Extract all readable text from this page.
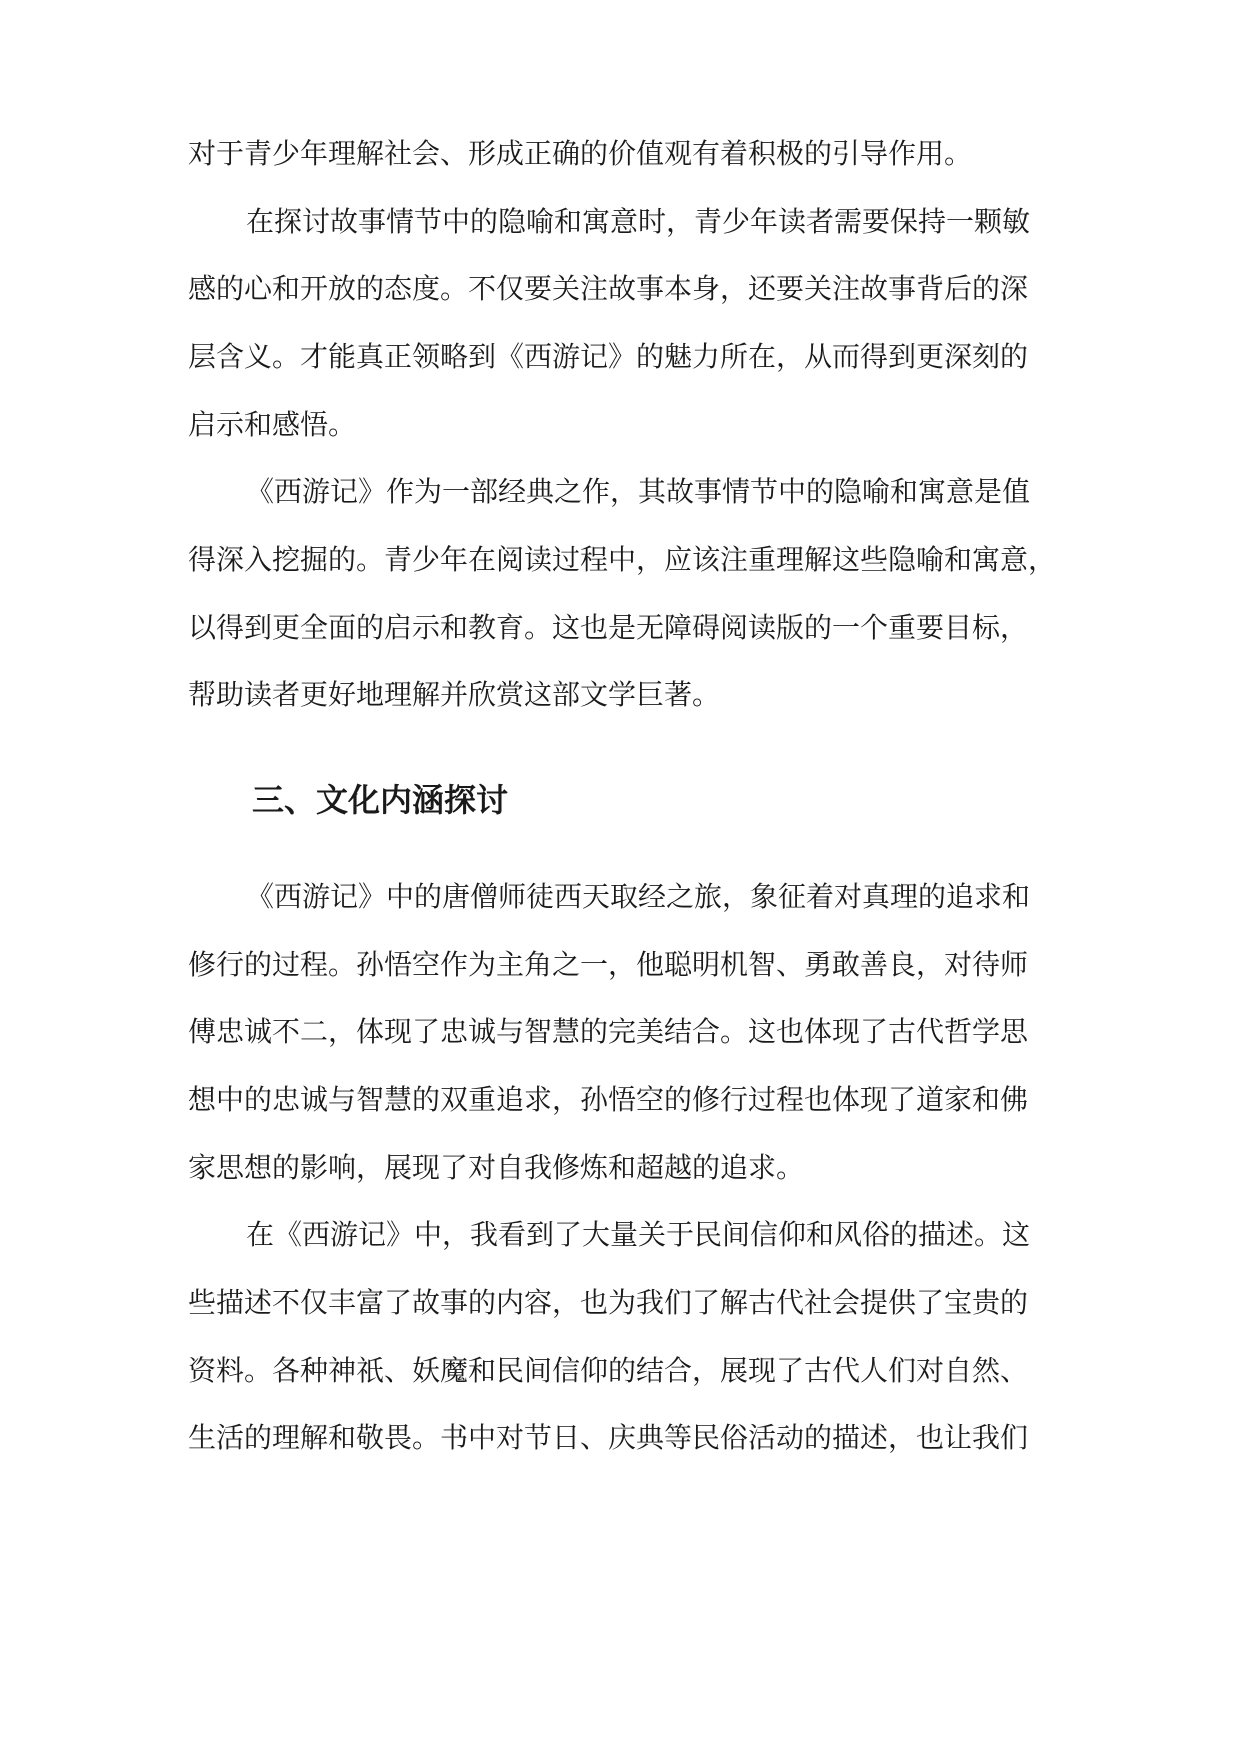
对于青少年理解社会、形成正确的价值观有着积极的引导作用。
在探讨故事情节中的隐喻和寓意时，青少年读者需要保持一颗敏
感的心和开放的态度。不仅要关注故事本身，还要关注故事背后的深
层含义。才能真正领略到《西游记》的魅力所在，从而得到更深刻的
启示和感悟。
《西游记》作为一部经典之作，其故事情节中的隐喻和寓意是值
得深入挖掘的。青少年在阅读过程中，应该注重理解这些隐喻和寓意，
以得到更全面的启示和教育。这也是无障碍阅读版的一个重要目标，
帮助读者更好地理解并欣赏这部文学巨著。
三、文化内涵探讨
《西游记》中的唐僧师徒西天取经之旅，象征着对真理的追求和
修行的过程。孙悟空作为主角之一，他聪明机智、勇敢善良，对待师
傅忠诚不二，体现了忠诚与智慧的完美结合。这也体现了古代哲学思
想中的忠诚与智慧的双重追求，孙悟空的修行过程也体现了道家和佛
家思想的影响，展现了对自我修炼和超越的追求。
在《西游记》中，我看到了大量关于民间信仰和风俗的描述。这
些描述不仅丰富了故事的内容，也为我们了解古代社会提供了宝贵的
资料。各种神祇、妖魔和民间信仰的结合，展现了古代人们对自然、
生活的理解和敬畏。书中对节日、庆典等民俗活动的描述，也让我们
